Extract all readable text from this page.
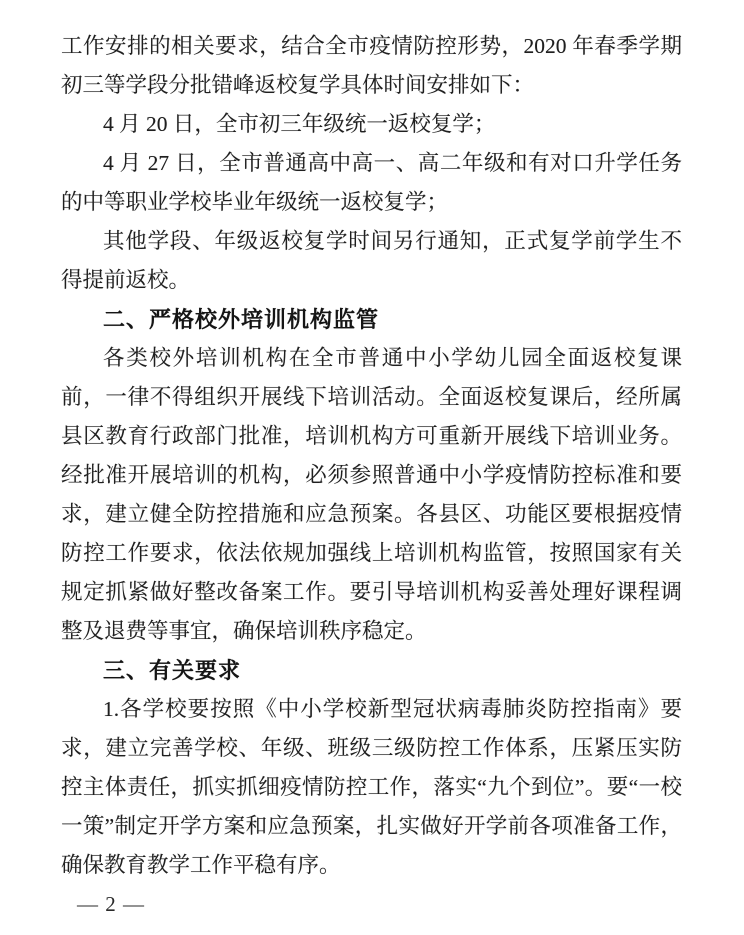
工作安排的相关要求，结合全市疫情防控形势，2020 年春季学期
初三等学段分批错峰返校复学具体时间安排如下：
4 月 20 日，全市初三年级统一返校复学；
4 月 27 日，全市普通高中高一、高二年级和有对口升学任务
的中等职业学校毕业年级统一返校复学；
其他学段、年级返校复学时间另行通知，正式复学前学生不
得提前返校。
二、严格校外培训机构监管
各类校外培训机构在全市普通中小学幼儿园全面返校复课
前，一律不得组织开展线下培训活动。全面返校复课后，经所属
县区教育行政部门批准，培训机构方可重新开展线下培训业务。
经批准开展培训的机构，必须参照普通中小学疫情防控标准和要
求，建立健全防控措施和应急预案。各县区、功能区要根据疫情
防控工作要求，依法依规加强线上培训机构监管，按照国家有关
规定抓紧做好整改备案工作。要引导培训机构妥善处理好课程调
整及退费等事宜，确保培训秩序稳定。
三、有关要求
1.各学校要按照《中小学校新型冠状病毒肺炎防控指南》要
求，建立完善学校、年级、班级三级防控工作体系，压紧压实防
控主体责任，抓实抓细疫情防控工作，落实“九个到位”。要“一校
一策”制定开学方案和应急预案，扎实做好开学前各项准备工作，
确保教育教学工作平稳有序。
— 2 —
